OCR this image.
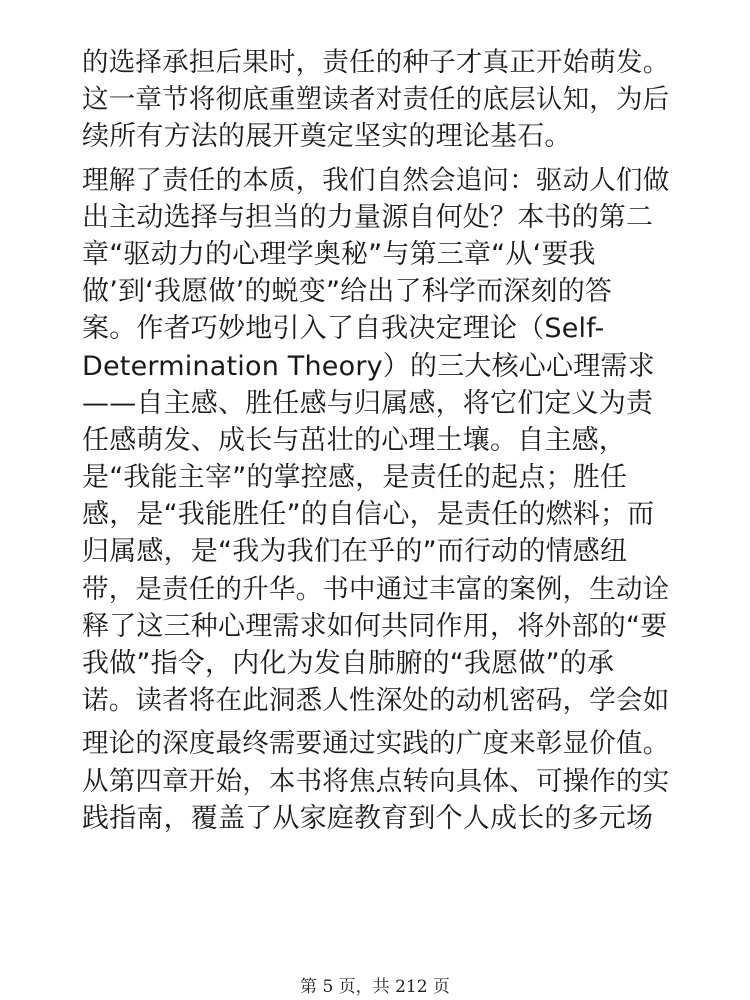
的选择承担后果时，责任的种子才真正开始萌发。
这一章节将彻底重塑读者对责任的底层认知，为后
续所有方法的展开奠定坚实的理论基石。
理解了责任的本质，我们自然会追问：驱动人们做
出主动选择与担当的力量源自何处？本书的第二
章“驱动力的心理学奥秘”与第三章“从‘要我
做’到‘我愿做’的蜕变”给出了科学而深刻的答
案。作者巧妙地引入了自我决定理论（Self-
Determination Theory）的三大核心心理需求
——自主感、胜任感与归属感，将它们定义为责
任感萌发、成长与茁壮的心理土壤。自主感，
是“我能主宰”的掌控感，是责任的起点；胜任
感，是“我能胜任”的自信心，是责任的燃料；而
归属感，是“我为我们在乎的”而行动的情感纽
带，是责任的升华。书中通过丰富的案例，生动诠
释了这三种心理需求如何共同作用，将外部的“要
我做”指令，内化为发自肺腑的“我愿做”的承
诺。读者将在此洞悉人性深处的动机密码，学会如
理论的深度最终需要通过实践的广度来彰显价值。
从第四章开始，本书将焦点转向具体、可操作的实
践指南，覆盖了从家庭教育到个人成长的多元场
第 5 页，共 212 页
